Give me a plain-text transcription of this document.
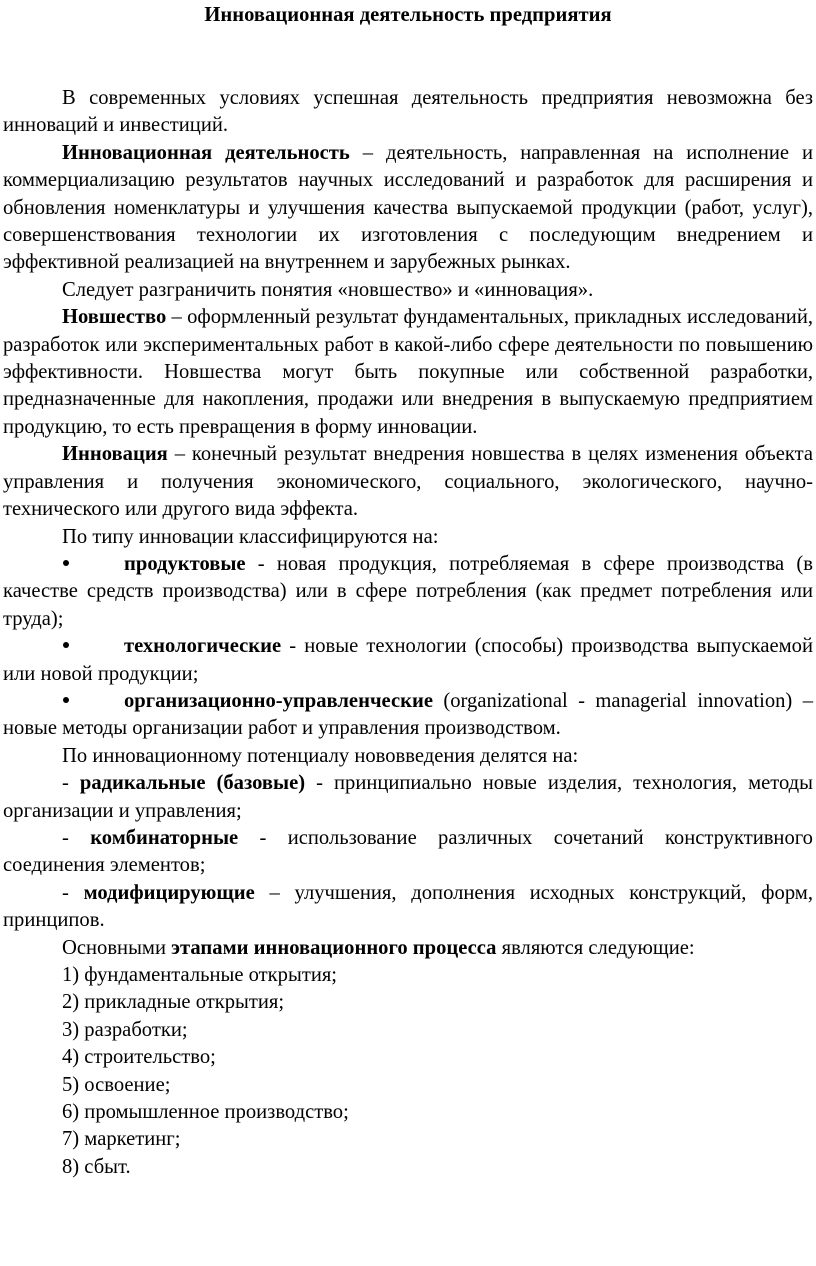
Инновационная деятельность предприятия

В современных условиях успешная деятельность предприятия невозможна без инноваций и инвестиций.

Инновационная деятельность – деятельность, направленная на исполнение и коммерциализацию результатов научных исследований и разработок для расширения и обновления номенклатуры и улучшения качества выпускаемой продукции (работ, услуг), совершенствования технологии их изготовления с последующим внедрением и эффективной реализацией на внутреннем и зарубежных рынках.

Следует разграничить понятия «новшество» и «инновация».

Новшество – оформленный результат фундаментальных, прикладных исследований, разработок или экспериментальных работ в какой-либо сфере деятельности по повышению эффективности. Новшества могут быть покупные или собственной разработки, предназначенные для накопления, продажи или внедрения в выпускаемую предприятием продукцию, то есть превращения в форму инновации.

Инновация – конечный результат внедрения новшества в целях изменения объекта управления и получения экономического, социального, экологического, научно-технического или другого вида эффекта.

По типу инновации классифицируются на:

продуктовые - новая продукция, потребляемая в сфере производства (в качестве средств производства) или в сфере потребления (как предмет потребления или труда);
технологические - новые технологии (способы) производства выпускаемой или новой продукции;
организационно-управленческие (organizational - managerial innovation) – новые методы организации работ и управления производством.

По инновационному потенциалу нововведения делятся на:

- радикальные (базовые) - принципиально новые изделия, технология, методы организации и управления;

- комбинаторные - использование различных сочетаний конструктивного соединения элементов;

- модифицирующие – улучшения, дополнения исходных конструкций, форм, принципов.

Основными этапами инновационного процесса являются следующие:

1) фундаментальные открытия;
2) прикладные открытия;
3) разработки;
4) строительство;
5) освоение;
6) промышленное производство;
7) маркетинг;
8) сбыт.
